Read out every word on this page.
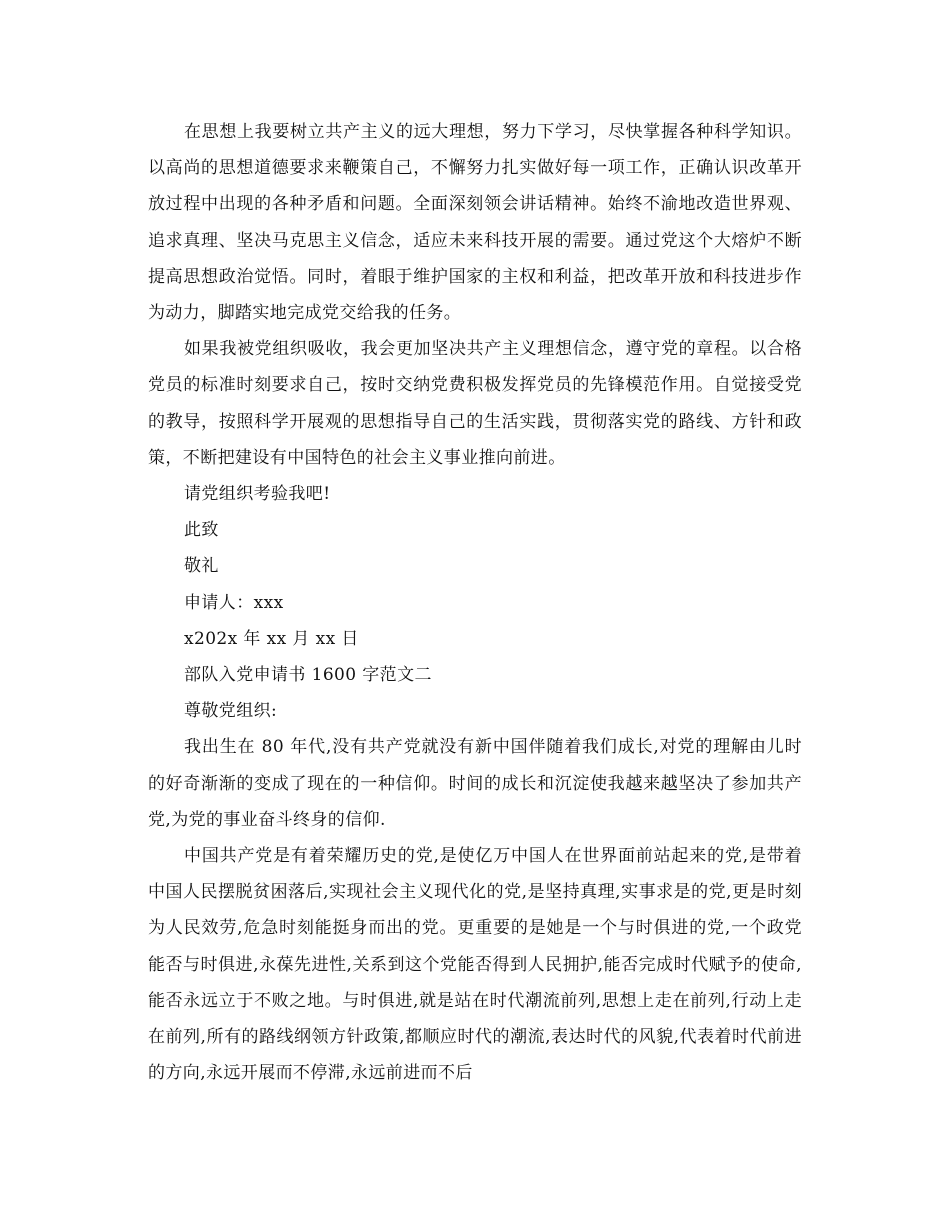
在思想上我要树立共产主义的远大理想，努力下学习，尽快掌握各种科学知识。以高尚的思想道德要求来鞭策自己，不懈努力扎实做好每一项工作，正确认识改革开放过程中出现的各种矛盾和问题。全面深刻领会讲话精神。始终不渝地改造世界观、追求真理、坚决马克思主义信念，适应未来科技开展的需要。通过党这个大熔炉不断提高思想政治觉悟。同时，着眼于维护国家的主权和利益，把改革开放和科技进步作为动力，脚踏实地完成党交给我的任务。

如果我被党组织吸收，我会更加坚决共产主义理想信念，遵守党的章程。以合格党员的标准时刻要求自己，按时交纳党费积极发挥党员的先锋模范作用。自觉接受党的教导，按照科学开展观的思想指导自己的生活实践，贯彻落实党的路线、方针和政策，不断把建设有中国特色的社会主义事业推向前进。

请党组织考验我吧!
此致
敬礼
申请人：xxx
x202x 年 xx 月 xx 日
部队入党申请书 1600 字范文二
尊敬党组织:

我出生在 80 年代,没有共产党就没有新中国伴随着我们成长,对党的理解由儿时的好奇渐渐的变成了现在的一种信仰。时间的成长和沉淀使我越来越坚决了参加共产党,为党的事业奋斗终身的信仰.

中国共产党是有着荣耀历史的党,是使亿万中国人在世界面前站起来的党,是带着中国人民摆脱贫困落后,实现社会主义现代化的党,是坚持真理,实事求是的党,更是时刻为人民效劳,危急时刻能挺身而出的党。更重要的是她是一个与时俱进的党,一个政党能否与时俱进,永葆先进性,关系到这个党能否得到人民拥护,能否完成时代赋予的使命,能否永远立于不败之地。与时俱进,就是站在时代潮流前列,思想上走在前列,行动上走在前列,所有的路线纲领方针政策,都顺应时代的潮流,表达时代的风貌,代表着时代前进的方向,永远开展而不停滞,永远前进而不后
